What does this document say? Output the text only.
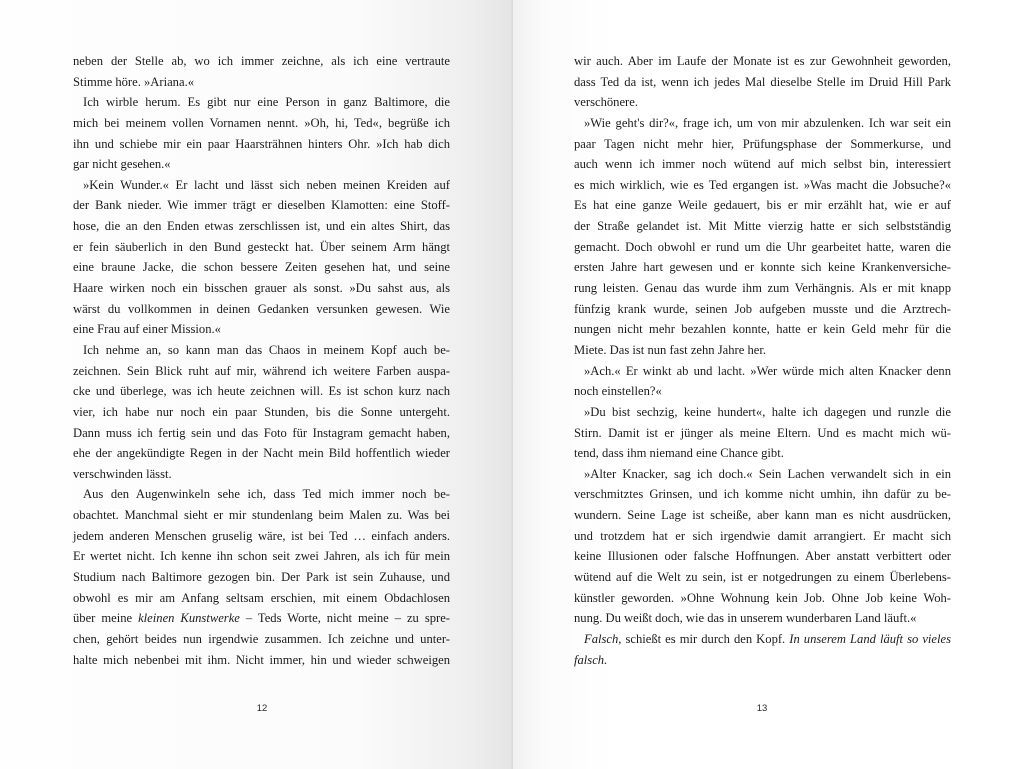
neben der Stelle ab, wo ich immer zeichne, als ich eine vertraute
Stimme höre. »Ariana.«
Ich wirble herum. Es gibt nur eine Person in ganz Baltimore, die
mich bei meinem vollen Vornamen nennt. »Oh, hi, Ted«, begrüße ich
ihn und schiebe mir ein paar Haarsträhnen hinters Ohr. »Ich hab dich
gar nicht gesehen.«
»Kein Wunder.« Er lacht und lässt sich neben meinen Kreiden auf
der Bank nieder. Wie immer trägt er dieselben Klamotten: eine Stoff-
hose, die an den Enden etwas zerschlissen ist, und ein altes Shirt, das
er fein säuberlich in den Bund gesteckt hat. Über seinem Arm hängt
eine braune Jacke, die schon bessere Zeiten gesehen hat, und seine
Haare wirken noch ein bisschen grauer als sonst. »Du sahst aus, als
wärst du vollkommen in deinen Gedanken versunken gewesen. Wie
eine Frau auf einer Mission.«
Ich nehme an, so kann man das Chaos in meinem Kopf auch be-
zeichnen. Sein Blick ruht auf mir, während ich weitere Farben auspa-
cke und überlege, was ich heute zeichnen will. Es ist schon kurz nach
vier, ich habe nur noch ein paar Stunden, bis die Sonne untergeht.
Dann muss ich fertig sein und das Foto für Instagram gemacht haben,
ehe der angekündigte Regen in der Nacht mein Bild hoffentlich wieder
verschwinden lässt.
Aus den Augenwinkeln sehe ich, dass Ted mich immer noch be-
obachtet. Manchmal sieht er mir stundenlang beim Malen zu. Was bei
jedem anderen Menschen gruselig wäre, ist bei Ted … einfach anders.
Er wertet nicht. Ich kenne ihn schon seit zwei Jahren, als ich für mein
Studium nach Baltimore gezogen bin. Der Park ist sein Zuhause, und
obwohl es mir am Anfang seltsam erschien, mit einem Obdachlosen
über meine kleinen Kunstwerke – Teds Worte, nicht meine – zu spre-
chen, gehört beides nun irgendwie zusammen. Ich zeichne und unter-
halte mich nebenbei mit ihm. Nicht immer, hin und wieder schweigen
12
wir auch. Aber im Laufe der Monate ist es zur Gewohnheit geworden,
dass Ted da ist, wenn ich jedes Mal dieselbe Stelle im Druid Hill Park
verschönere.
»Wie geht's dir?«, frage ich, um von mir abzulenken. Ich war seit ein
paar Tagen nicht mehr hier, Prüfungsphase der Sommerkurse, und
auch wenn ich immer noch wütend auf mich selbst bin, interessiert
es mich wirklich, wie es Ted ergangen ist. »Was macht die Jobsuche?«
Es hat eine ganze Weile gedauert, bis er mir erzählt hat, wie er auf
der Straße gelandet ist. Mit Mitte vierzig hatte er sich selbstständig
gemacht. Doch obwohl er rund um die Uhr gearbeitet hatte, waren die
ersten Jahre hart gewesen und er konnte sich keine Krankenversiche-
rung leisten. Genau das wurde ihm zum Verhängnis. Als er mit knapp
fünfzig krank wurde, seinen Job aufgeben musste und die Arztrech-
nungen nicht mehr bezahlen konnte, hatte er kein Geld mehr für die
Miete. Das ist nun fast zehn Jahre her.
»Ach.« Er winkt ab und lacht. »Wer würde mich alten Knacker denn
noch einstellen?«
»Du bist sechzig, keine hundert«, halte ich dagegen und runzle die
Stirn. Damit ist er jünger als meine Eltern. Und es macht mich wü-
tend, dass ihm niemand eine Chance gibt.
»Alter Knacker, sag ich doch.« Sein Lachen verwandelt sich in ein
verschmitztes Grinsen, und ich komme nicht umhin, ihn dafür zu be-
wundern. Seine Lage ist scheiße, aber kann man es nicht ausdrücken,
und trotzdem hat er sich irgendwie damit arrangiert. Er macht sich
keine Illusionen oder falsche Hoffnungen. Aber anstatt verbittert oder
wütend auf die Welt zu sein, ist er notgedrungen zu einem Überlebens-
künstler geworden. »Ohne Wohnung kein Job. Ohne Job keine Woh-
nung. Du weißt doch, wie das in unserem wunderbaren Land läuft.«
Falsch, schießt es mir durch den Kopf. In unserem Land läuft so vieles
falsch.
13
